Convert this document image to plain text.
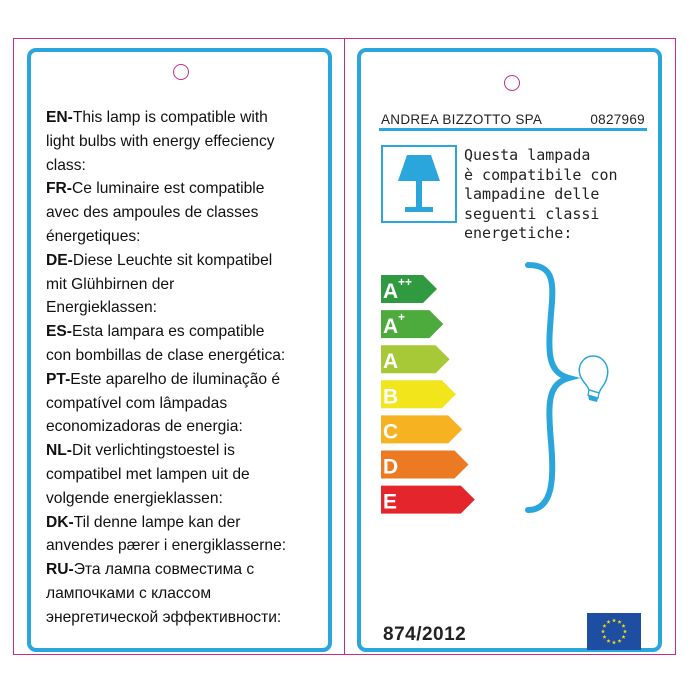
EN-This lamp is compatible with
light bulbs with energy effeciency
class:
FR-Ce luminaire est compatible
avec des ampoules de classes
énergetiques:
DE-Diese Leuchte sit kompatibel
mit Glühbirnen der
Energieklassen:
ES-Esta lampara es compatible
con bombillas de clase energética:
PT-Este aparelho de iluminação é
compatível com lâmpadas
economizadoras de energia:
NL-Dit verlichtingstoestel is
compatibel met lampen uit de
volgende energieklassen:
DK-Til denne lampe kan der
anvendes pærer i energiklasserne:
RU-Эта лампа совместима с
лампочками с классом
энергетической эффективности:
ANDREA BIZZOTTO SPA	0827969
Questa lampada
è compatibile con
lampadine delle
seguenti classi
energetiche:
A ++
A +
A
B
C
D
E
874/2012
